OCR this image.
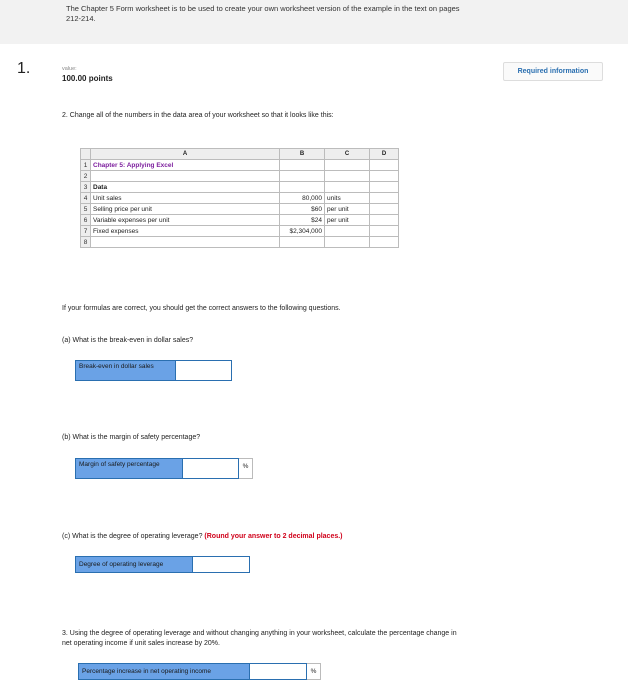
The Chapter 5 Form worksheet is to be used to create your own worksheet version of the example in the text on pages 212-214.
1.	value:
100.00 points
Required information
2. Change all of the numbers in the data area of your worksheet so that it looks like this:
	A	B	C	D
1	Chapter 5: Applying Excel			
2				
3	Data			
4	Unit sales	80,000	units	
5	Selling price per unit	$60	per unit	
6	Variable expenses per unit	$24	per unit	
7	Fixed expenses	$2,304,000		
8				
If your formulas are correct, you should get the correct answers to the following questions.
(a) What is the break-even in dollar sales?
Break-even in dollar sales
(b) What is the margin of safety percentage?
Margin of safety percentage	%
(c) What is the degree of operating leverage? (Round your answer to 2 decimal places.)
Degree of operating leverage
3. Using the degree of operating leverage and without changing anything in your worksheet, calculate the percentage change in net operating income if unit sales increase by 20%.
Percentage increase in net operating income	%
